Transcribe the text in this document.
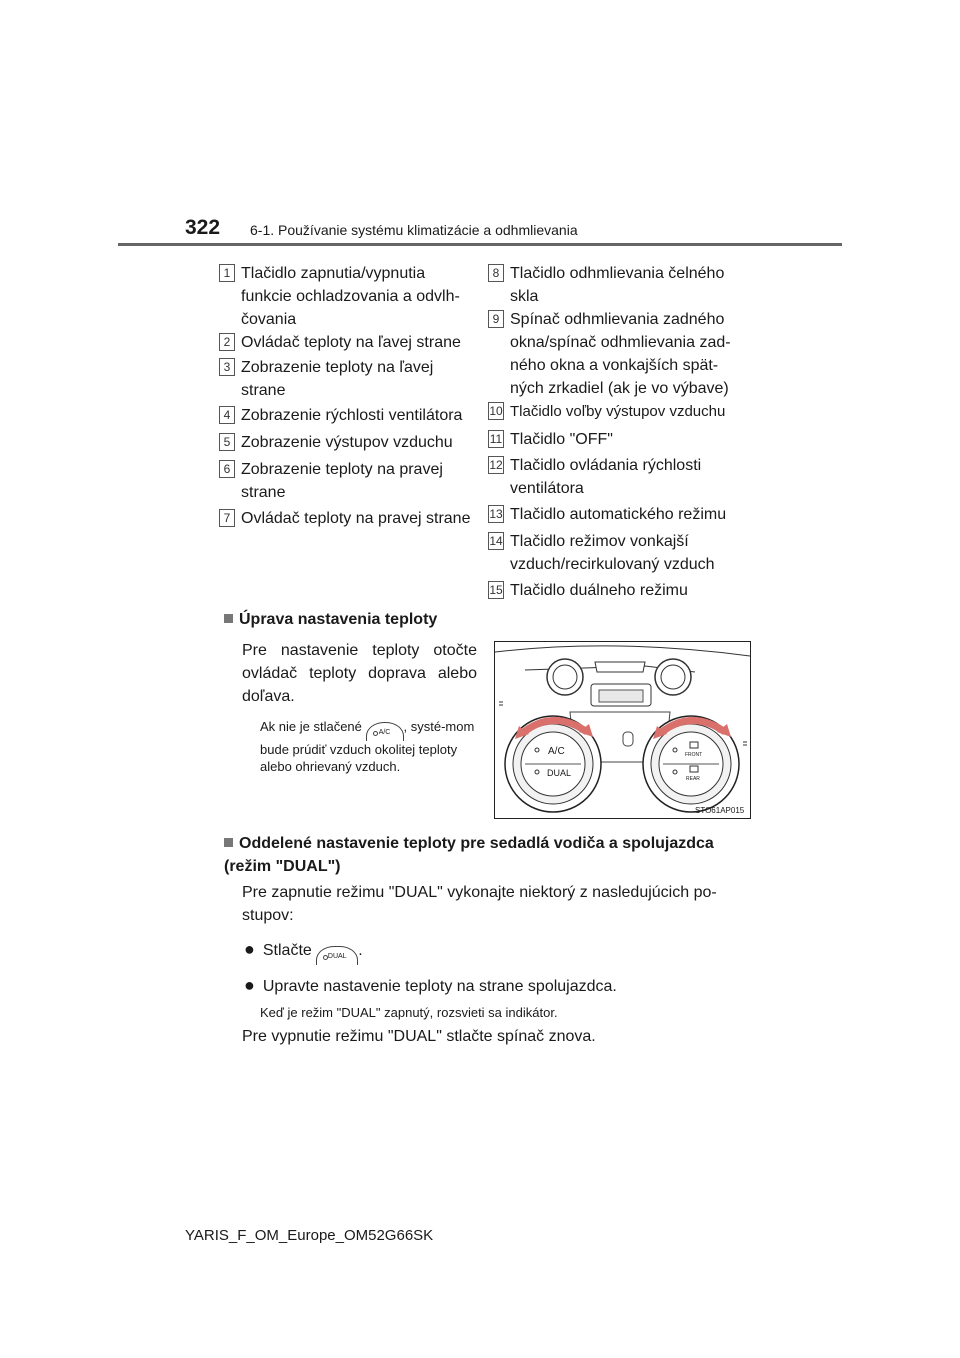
322 6-1. Používanie systému klimatizácie a odhmlievania
1 Tlačidlo zapnutia/vypnutia funkcie ochladzovania a odvlh-čovania
2 Ovládač teploty na ľavej strane
3 Zobrazenie teploty na ľavej strane
4 Zobrazenie rýchlosti ventilátora
5 Zobrazenie výstupov vzduchu
6 Zobrazenie teploty na pravej strane
7 Ovládač teploty na pravej strane
8 Tlačidlo odhmlievania čelného skla
9 Spínač odhmlievania zadného okna/spínač odhmlievania zad-ného okna a vonkajších spät-ných zrkadiel (ak je vo výbave)
10 Tlačidlo voľby výstupov vzduchu
11 Tlačidlo "OFF"
12 Tlačidlo ovládania rýchlosti ventilátora
13 Tlačidlo automatického režimu
14 Tlačidlo režimov vonkajší vzduch/recirkulovaný vzduch
15 Tlačidlo duálneho režimu
Úprava nastavenia teploty
Pre nastavenie teploty otočte ovládač teploty doprava alebo doľava.
Ak nie je stlačené A/C , systé-mom bude prúdiť vzduch okolitej teploty alebo ohrievaný vzduch.
A/C
DUAL
FRONT
REAR
STO61AP015
Oddelené nastavenie teploty pre sedadlá vodiča a spolujazdca (režim "DUAL")
Pre zapnutie režimu "DUAL" vykonajte niektorý z nasledujúcich po-stupov:
● Stlačte DUAL .
● Upravte nastavenie teploty na strane spolujazdca.
Keď je režim "DUAL" zapnutý, rozsvieti sa indikátor.
Pre vypnutie režimu "DUAL" stlačte spínač znova.
YARIS_F_OM_Europe_OM52G66SK
